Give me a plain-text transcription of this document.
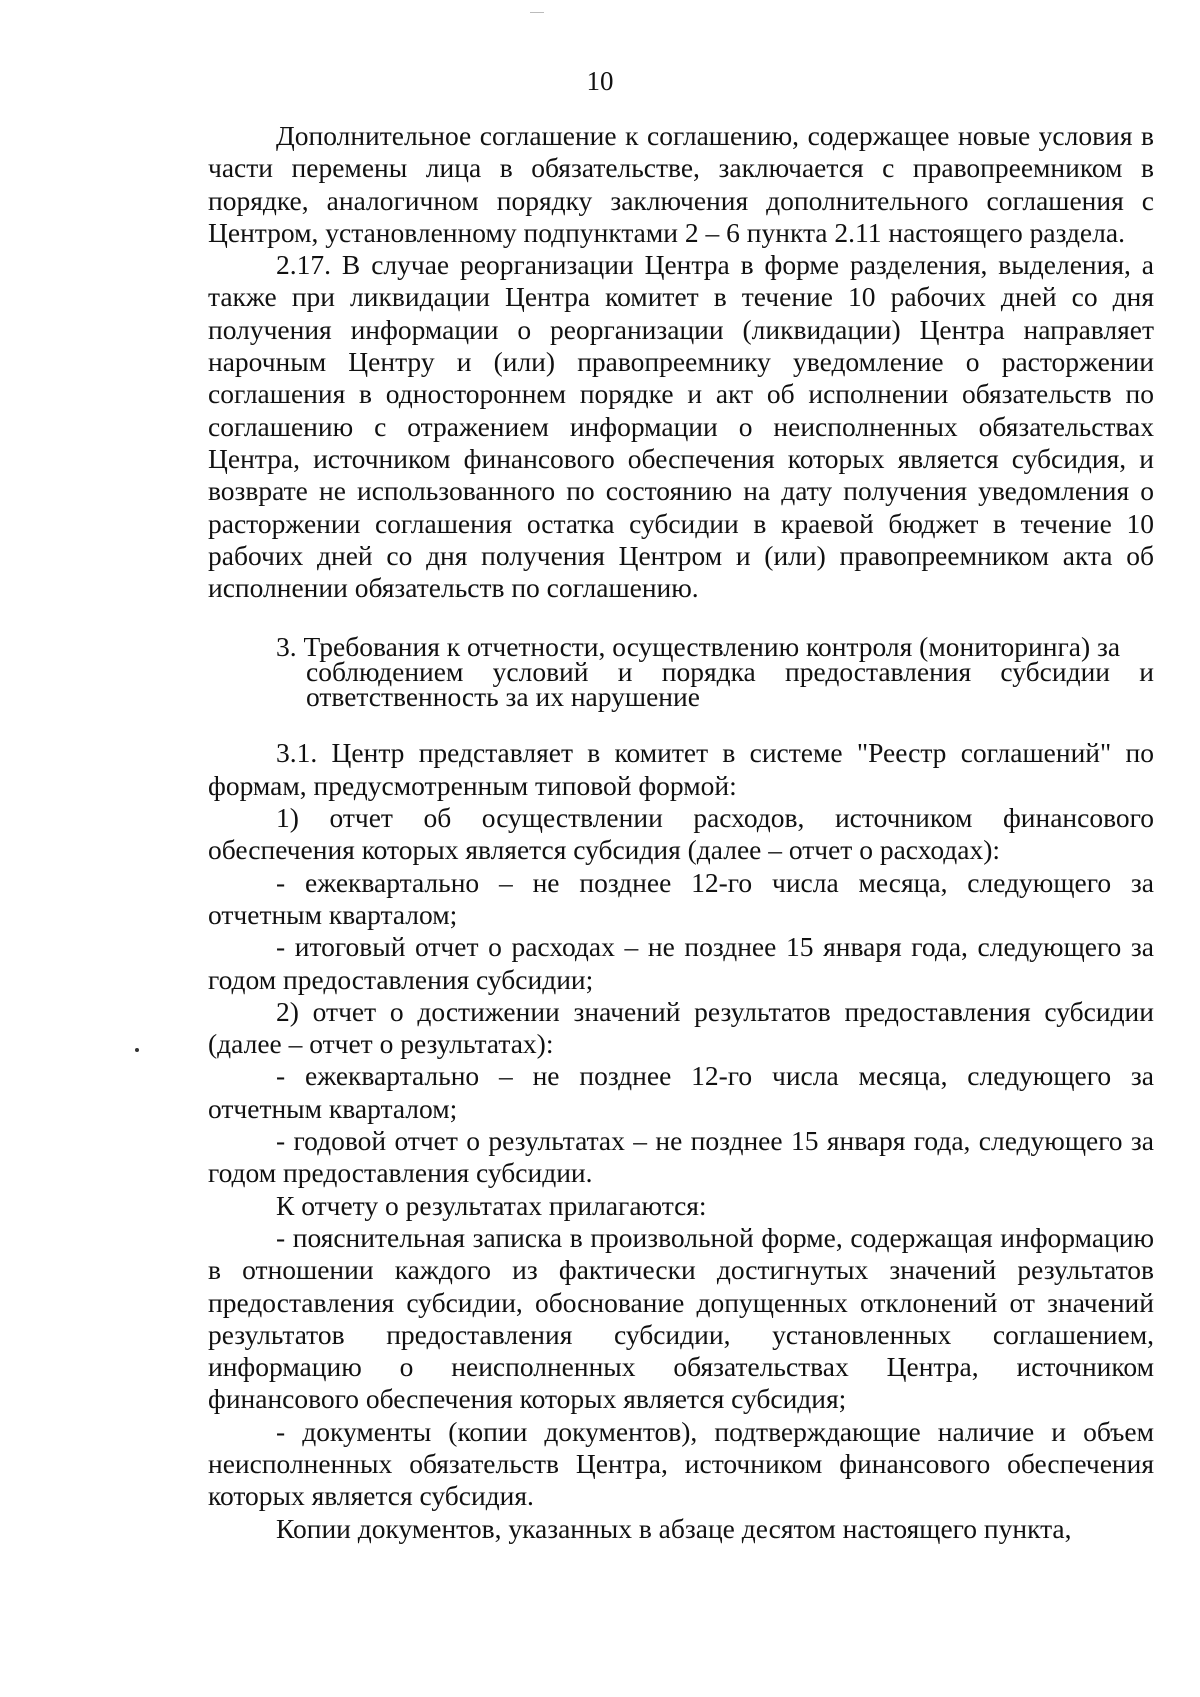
10

Дополнительное соглашение к соглашению, содержащее новые условия в части перемены лица в обязательстве, заключается с правопреемником в порядке, аналогичном порядку заключения дополнительного соглашения с Центром, установленному подпунктами 2 – 6 пункта 2.11 настоящего раздела.

2.17. В случае реорганизации Центра в форме разделения, выделения, а также при ликвидации Центра комитет в течение 10 рабочих дней со дня получения информации о реорганизации (ликвидации) Центра направляет нарочным Центру и (или) правопреемнику уведомление о расторжении соглашения в одностороннем порядке и акт об исполнении обязательств по соглашению с отражением информации о неисполненных обязательствах Центра, источником финансового обеспечения которых является субсидия, и возврате не использованного по состоянию на дату получения уведомления о расторжении соглашения остатка субсидии в краевой бюджет в течение 10 рабочих дней со дня получения Центром и (или) правопреемником акта об исполнении обязательств по соглашению.

3. Требования к отчетности, осуществлению контроля (мониторинга) за
соблюдением условий и порядка предоставления субсидии и ответственность за их нарушение

3.1. Центр представляет в комитет в системе "Реестр соглашений" по формам, предусмотренным типовой формой:

1) отчет об осуществлении расходов, источником финансового обеспечения которых является субсидия (далее – отчет о расходах):

- ежеквартально – не позднее 12-го числа месяца, следующего за отчетным кварталом;

- итоговый отчет о расходах – не позднее 15 января года, следующего за годом предоставления субсидии;

2) отчет о достижении значений результатов предоставления субсидии (далее – отчет о результатах):

- ежеквартально – не позднее 12-го числа месяца, следующего за отчетным кварталом;

- годовой отчет о результатах – не позднее 15 января года, следующего за годом предоставления субсидии.

К отчету о результатах прилагаются:

- пояснительная записка в произвольной форме, содержащая информацию в отношении каждого из фактически достигнутых значений результатов предоставления субсидии, обоснование допущенных отклонений от значений результатов предоставления субсидии, установленных соглашением, информацию о неисполненных обязательствах Центра, источником финансового обеспечения которых является субсидия;

- документы (копии документов), подтверждающие наличие и объем неисполненных обязательств Центра, источником финансового обеспечения которых является субсидия.

Копии документов, указанных в абзаце десятом настоящего пункта,
